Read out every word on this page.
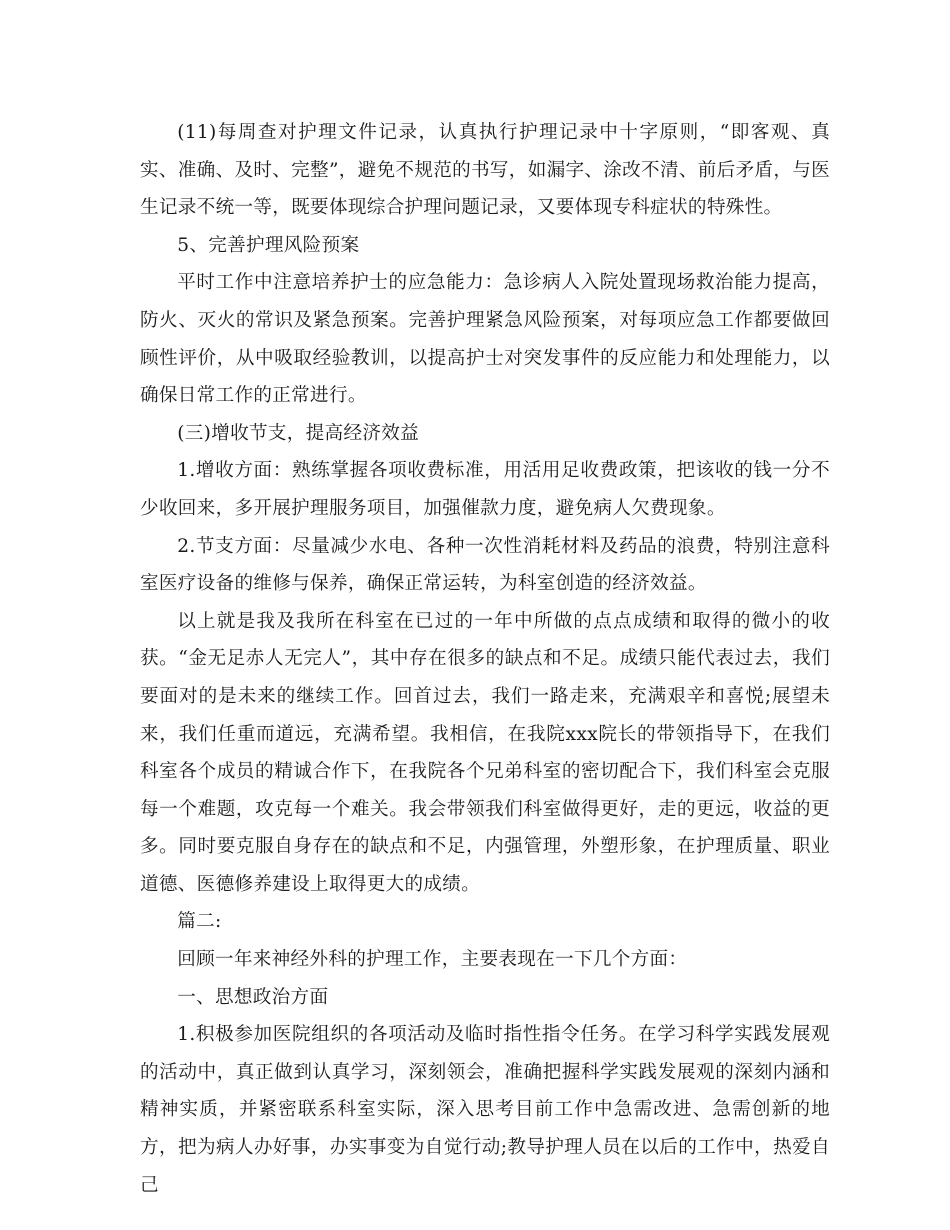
(11)每周查对护理文件记录，认真执行护理记录中十字原则，“即客观、真实、准确、及时、完整”，避免不规范的书写，如漏字、涂改不清、前后矛盾，与医生记录不统一等，既要体现综合护理问题记录，又要体现专科症状的特殊性。

5、完善护理风险预案

平时工作中注意培养护士的应急能力：急诊病人入院处置现场救治能力提高，防火、灭火的常识及紧急预案。完善护理紧急风险预案，对每项应急工作都要做回顾性评价，从中吸取经验教训，以提高护士对突发事件的反应能力和处理能力，以确保日常工作的正常进行。

(三)增收节支，提高经济效益

1.增收方面：熟练掌握各项收费标准，用活用足收费政策，把该收的钱一分不少收回来，多开展护理服务项目，加强催款力度，避免病人欠费现象。

2.节支方面：尽量减少水电、各种一次性消耗材料及药品的浪费，特别注意科室医疗设备的维修与保养，确保正常运转，为科室创造的经济效益。

以上就是我及我所在科室在已过的一年中所做的点点成绩和取得的微小的收获。“金无足赤人无完人”，其中存在很多的缺点和不足。成绩只能代表过去，我们要面对的是未来的继续工作。回首过去，我们一路走来，充满艰辛和喜悦;展望未来，我们任重而道远，充满希望。我相信，在我院xxx院长的带领指导下，在我们科室各个成员的精诚合作下，在我院各个兄弟科室的密切配合下，我们科室会克服每一个难题，攻克每一个难关。我会带领我们科室做得更好，走的更远，收益的更多。同时要克服自身存在的缺点和不足，内强管理，外塑形象，在护理质量、职业道德、医德修养建设上取得更大的成绩。

篇二:

回顾一年来神经外科的护理工作，主要表现在一下几个方面：

一、思想政治方面

1.积极参加医院组织的各项活动及临时指性指令任务。在学习科学实践发展观的活动中，真正做到认真学习，深刻领会，准确把握科学实践发展观的深刻内涵和精神实质，并紧密联系科室实际，深入思考目前工作中急需改进、急需创新的地方，把为病人办好事，办实事变为自觉行动;教导护理人员在以后的工作中，热爱自己
